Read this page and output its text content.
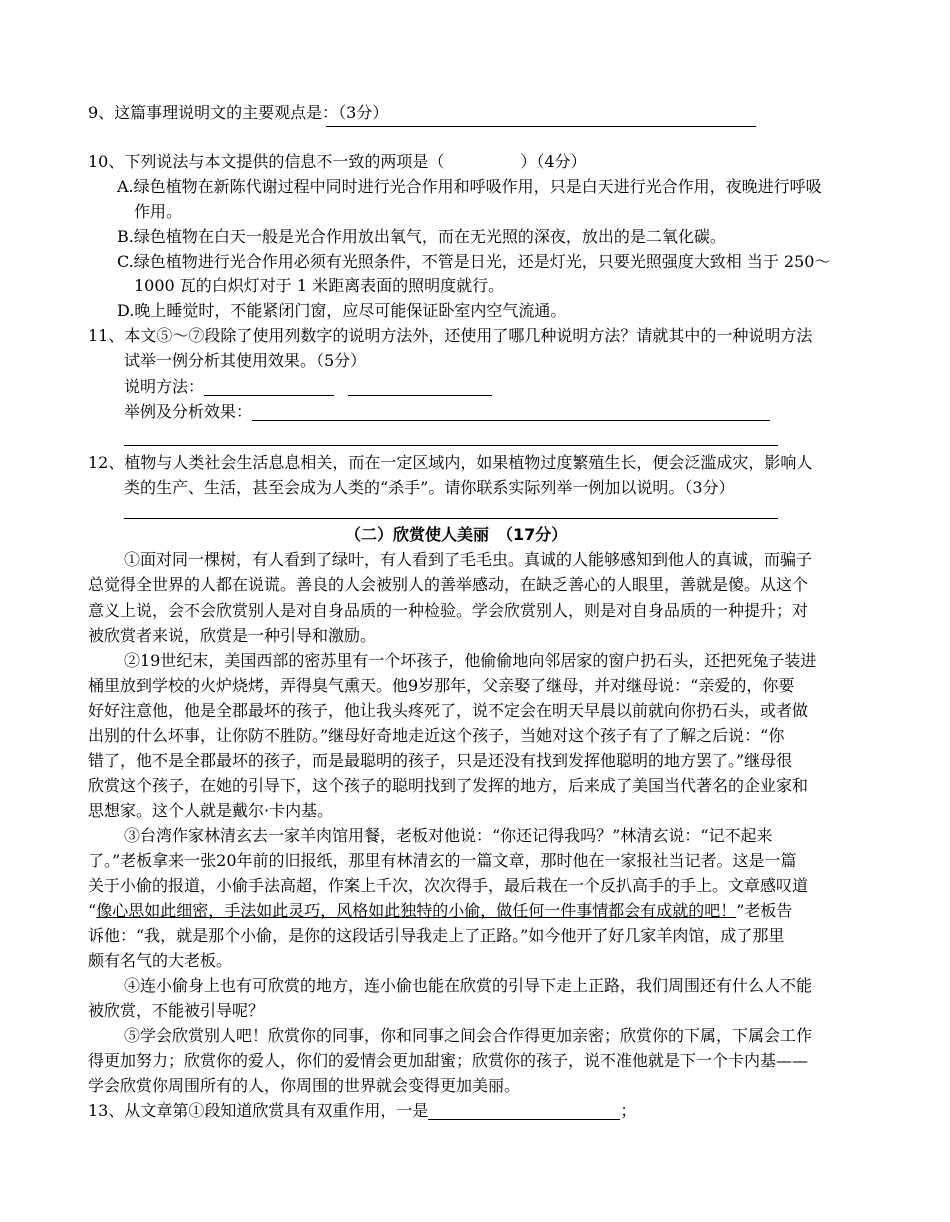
9、这篇事理说明文的主要观点是：（3分）
10、下列说法与本文提供的信息不一致的两项是（	）（4分）
A.绿色植物在新陈代谢过程中同时进行光合作用和呼吸作用，只是白天进行光合作用，夜晚进行呼吸
作用。
B.绿色植物在白天一般是光合作用放出氧气，而在无光照的深夜，放出的是二氧化碳。
C.绿色植物进行光合作用必须有光照条件，不管是日光，还是灯光，只要光照强度大致相 当于 250～
1000 瓦的白炽灯对于 1 米距离表面的照明度就行。
D.晚上睡觉时，不能紧闭门窗，应尽可能保证卧室内空气流通。
11、本文⑤～⑦段除了使用列数字的说明方法外，还使用了哪几种说明方法？请就其中的一种说明方法
试举一例分析其使用效果。（5分）
说明方法：
举例及分析效果：
12、植物与人类社会生活息息相关，而在一定区域内，如果植物过度繁殖生长，便会泛滥成灾，影响人
类的生产、生活，甚至会成为人类的“杀手”。请你联系实际列举一例加以说明。（3分）
（二）欣赏使人美丽　（17分）
①面对同一棵树，有人看到了绿叶，有人看到了毛毛虫。真诚的人能够感知到他人的真诚，而骗子
总觉得全世界的人都在说谎。善良的人会被别人的善举感动，在缺乏善心的人眼里，善就是傻。从这个
意义上说，会不会欣赏别人是对自身品质的一种检验。学会欣赏别人，则是对自身品质的一种提升；对
被欣赏者来说，欣赏是一种引导和激励。
②19世纪末，美国西部的密苏里有一个坏孩子，他偷偷地向邻居家的窗户扔石头，还把死兔子装进
桶里放到学校的火炉烧烤，弄得臭气熏天。他9岁那年，父亲娶了继母，并对继母说：“亲爱的，你要
好好注意他，他是全郡最坏的孩子，他让我头疼死了，说不定会在明天早晨以前就向你扔石头，或者做
出别的什么坏事，让你防不胜防。”继母好奇地走近这个孩子，当她对这个孩子有了了解之后说：“你
错了，他不是全郡最坏的孩子，而是最聪明的孩子，只是还没有找到发挥他聪明的地方罢了。”继母很
欣赏这个孩子，在她的引导下，这个孩子的聪明找到了发挥的地方，后来成了美国当代著名的企业家和
思想家。这个人就是戴尔·卡内基。
③台湾作家林清玄去一家羊肉馆用餐，老板对他说：“你还记得我吗？”林清玄说：“记不起来
了。”老板拿来一张20年前的旧报纸，那里有林清玄的一篇文章，那时他在一家报社当记者。这是一篇
关于小偷的报道，小偷手法高超，作案上千次，次次得手，最后栽在一个反扒高手的手上。文章感叹道
“像心思如此细密，手法如此灵巧，风格如此独特的小偷，做任何一件事情都会有成就的吧！”老板告
诉他：“我，就是那个小偷，是你的这段话引导我走上了正路。”如今他开了好几家羊肉馆，成了那里
颇有名气的大老板。
④连小偷身上也有可欣赏的地方，连小偷也能在欣赏的引导下走上正路，我们周围还有什么人不能
被欣赏，不能被引导呢？
⑤学会欣赏别人吧！欣赏你的同事，你和同事之间会合作得更加亲密；欣赏你的下属，下属会工作
得更加努力；欣赏你的爱人，你们的爱情会更加甜蜜；欣赏你的孩子，说不准他就是下一个卡内基——
学会欣赏你周围所有的人，你周围的世界就会变得更加美丽。
13、从文章第①段知道欣赏具有双重作用，一是	；
